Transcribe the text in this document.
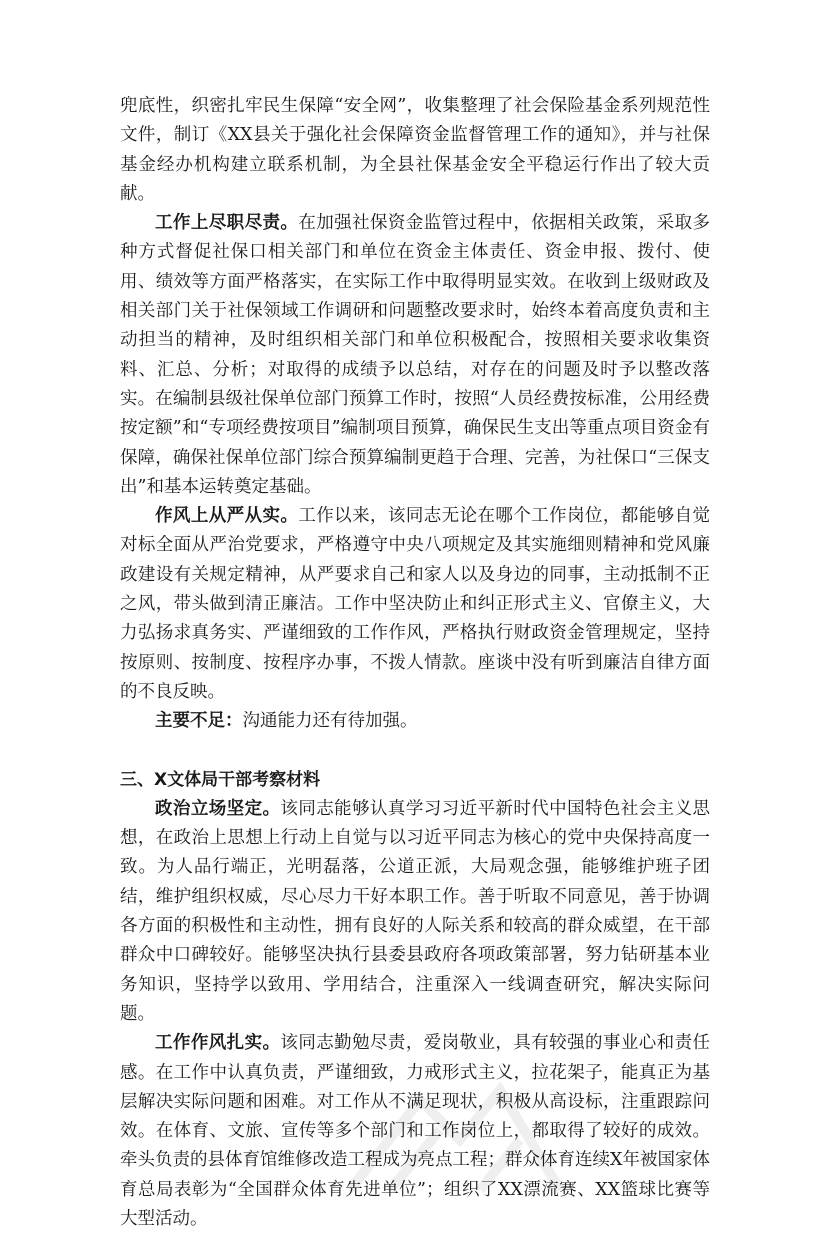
兜底性，织密扎牢民生保障“安全网”，收集整理了社会保险基金系列规范性文件，制订《XX县关于强化社会保障资金监督管理工作的通知》，并与社保基金经办机构建立联系机制，为全县社保基金安全平稳运行作出了较大贡献。

工作上尽职尽责。在加强社保资金监管过程中，依据相关政策，采取多种方式督促社保口相关部门和单位在资金主体责任、资金申报、拨付、使用、绩效等方面严格落实，在实际工作中取得明显实效。在收到上级财政及相关部门关于社保领域工作调研和问题整改要求时，始终本着高度负责和主动担当的精神，及时组织相关部门和单位积极配合，按照相关要求收集资料、汇总、分析；对取得的成绩予以总结，对存在的问题及时予以整改落实。在编制县级社保单位部门预算工作时，按照“人员经费按标准，公用经费按定额”和“专项经费按项目”编制项目预算，确保民生支出等重点项目资金有保障，确保社保单位部门综合预算编制更趋于合理、完善，为社保口“三保支出”和基本运转奠定基础。

作风上从严从实。工作以来，该同志无论在哪个工作岗位，都能够自觉对标全面从严治党要求，严格遵守中央八项规定及其实施细则精神和党风廉政建设有关规定精神，从严要求自己和家人以及身边的同事，主动抵制不正之风，带头做到清正廉洁。工作中坚决防止和纠正形式主义、官僚主义，大力弘扬求真务实、严谨细致的工作作风，严格执行财政资金管理规定，坚持按原则、按制度、按程序办事，不拨人情款。座谈中没有听到廉洁自律方面的不良反映。

主要不足：沟通能力还有待加强。

三、X文体局干部考察材料

政治立场坚定。该同志能够认真学习习近平新时代中国特色社会主义思想，在政治上思想上行动上自觉与以习近平同志为核心的党中央保持高度一致。为人品行端正，光明磊落，公道正派，大局观念强，能够维护班子团结，维护组织权威，尽心尽力干好本职工作。善于听取不同意见，善于协调各方面的积极性和主动性，拥有良好的人际关系和较高的群众威望，在干部群众中口碑较好。能够坚决执行县委县政府各项政策部署，努力钻研基本业务知识，坚持学以致用、学用结合，注重深入一线调查研究，解决实际问题。

工作作风扎实。该同志勤勉尽责，爱岗敬业，具有较强的事业心和责任感。在工作中认真负责，严谨细致，力戒形式主义，拉花架子，能真正为基层解决实际问题和困难。对工作从不满足现状，积极从高设标，注重跟踪问效。在体育、文旅、宣传等多个部门和工作岗位上，都取得了较好的成效。牵头负责的县体育馆维修改造工程成为亮点工程；群众体育连续X年被国家体育总局表彰为“全国群众体育先进单位”；组织了XX漂流赛、XX篮球比赛等大型活动。
